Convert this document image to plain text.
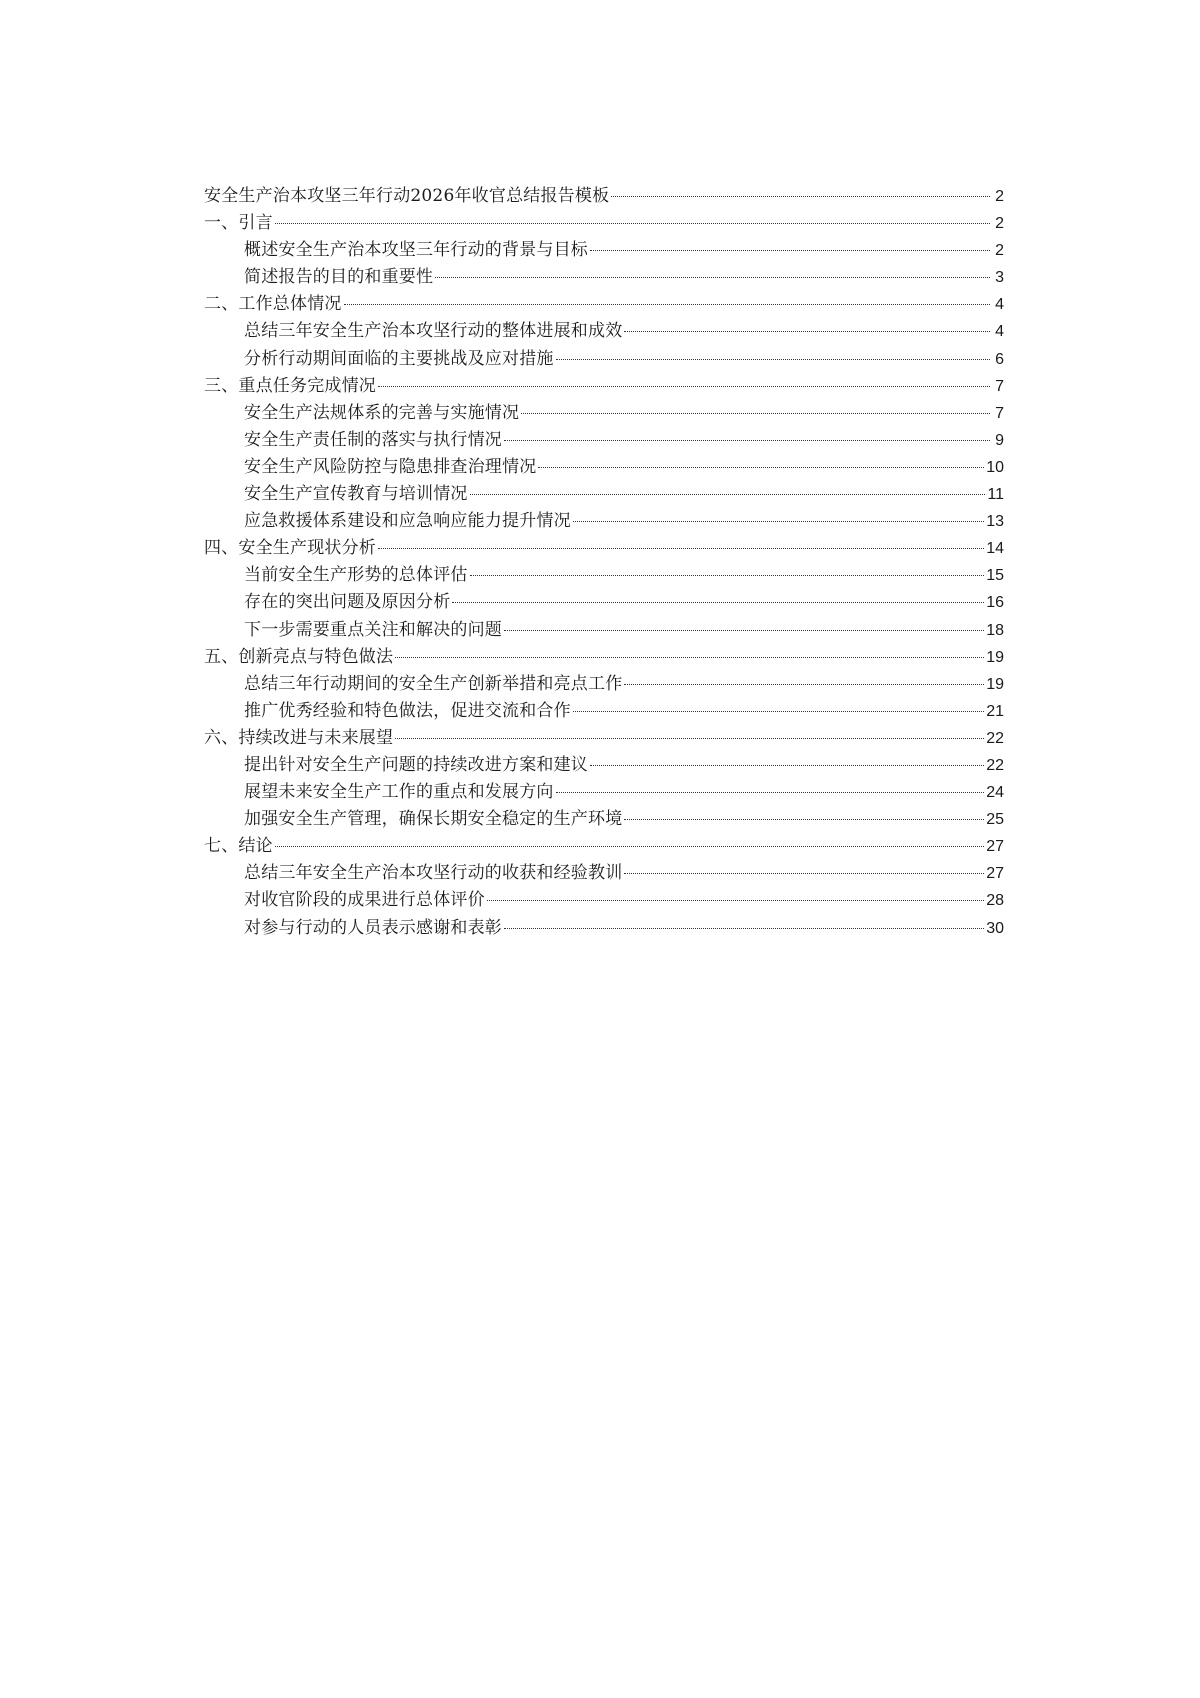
安全生产治本攻坚三年行动2026年收官总结报告模板	2
一、引言	2
概述安全生产治本攻坚三年行动的背景与目标	2
简述报告的目的和重要性	3
二、工作总体情况	4
总结三年安全生产治本攻坚行动的整体进展和成效	4
分析行动期间面临的主要挑战及应对措施	6
三、重点任务完成情况	7
安全生产法规体系的完善与实施情况	7
安全生产责任制的落实与执行情况	9
安全生产风险防控与隐患排查治理情况	10
安全生产宣传教育与培训情况	11
应急救援体系建设和应急响应能力提升情况	13
四、安全生产现状分析	14
当前安全生产形势的总体评估	15
存在的突出问题及原因分析	16
下一步需要重点关注和解决的问题	18
五、创新亮点与特色做法	19
总结三年行动期间的安全生产创新举措和亮点工作	19
推广优秀经验和特色做法，促进交流和合作	21
六、持续改进与未来展望	22
提出针对安全生产问题的持续改进方案和建议	22
展望未来安全生产工作的重点和发展方向	24
加强安全生产管理，确保长期安全稳定的生产环境	25
七、结论	27
总结三年安全生产治本攻坚行动的收获和经验教训	27
对收官阶段的成果进行总体评价	28
对参与行动的人员表示感谢和表彰	30
